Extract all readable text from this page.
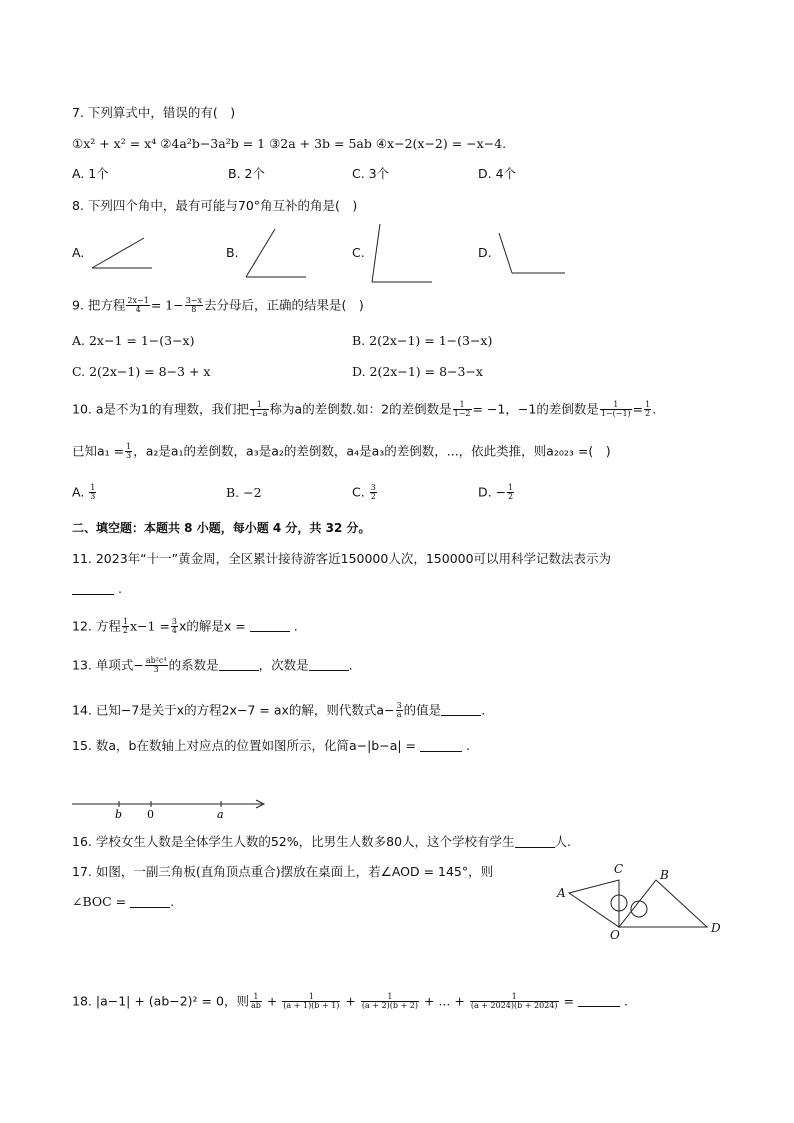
7. 下列算式中，错误的有(　)
①x² + x² = x⁴ ②4a²b−3a²b = 1 ③2a + 3b = 5ab ④x−2(x−2) = −x−4.
A. 1个	B. 2个	C. 3个	D. 4个
8. 下列四个角中，最有可能与70°角互补的角是(　)
A.	B.	C.	D.
9. 把方程 $\frac{2x-1}{4} = 1- \frac{3-x}{8}$ 去分母后，正确的结果是(　)
A. 2x−1 = 1−(3−x)	B. 2(2x−1) = 1−(3−x)
C. 2(2x−1) = 8−3 + x	D. 2(2x−1) = 8−3−x
10. a是不为1的有理数，我们把 $\frac{1}{1-a}$ 称为a的差倒数.如：2的差倒数是 $\frac{1}{1-2} = -1$，−1的差倒数是 $\frac{1}{1-(-1)} = \frac{1}{2}$ .
已知$a_1 = \frac{1}{3}$ ，a₂是a₁的差倒数，a₃是a₂的差倒数，a₄是a₃的差倒数，...，依此类推，则a₂₀₂₃ =(　)
A. $\frac{1}{3}$	B. −2	C. $\frac{3}{2}$	D. − $\frac{1}{2}$
二、填空题：本题共 8 小题，每小题 4 分，共 32 分。
11. 2023年“十一”黄金周，全区累计接待游客近150000人次，150000可以用科学记数法表示为
.
12. 方程 $\frac{1}{2} x-1 = \frac{3}{4}$ x的解是x =	.
13. 单项式− $\frac{\text{ab²c⁴}}{3}$ 的系数是	，次数是	.
14. 已知−7是关于x的方程2x−7 = ax的解，则代数式$a- \frac{3}{a}$ 的值是	.
15. 数a，b在数轴上对应点的位置如图所示，化简a−|b−a| =	.
b 0	a
16. 学校女生人数是全体学生人数的52%，比男生人数多80人，这个学校有学生	人.
17. 如图，一副三角板(直角顶点重合)摆放在桌面上，若∠AOD = 145°，则
∠BOC =	.
A
B
C
D
O
18. |a−1| + (ab−2)² = 0，则 $\frac{1}{ab} + \frac{1}{(a + 1)(b + 1)} + \frac{1}{(a + 2)(b + 2)}$ + ... + $\frac{1}{(a + 2024)(b + 2024)}$ =	.
